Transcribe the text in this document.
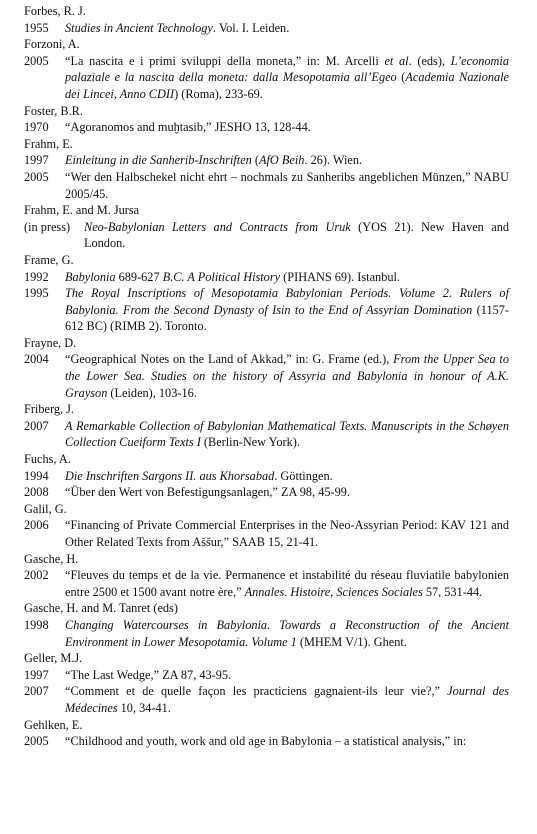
Forbes, R. J.
1955 Studies in Ancient Technology. Vol. I. Leiden.
Forzoni, A.
2005 “La nascita e i primi sviluppi della moneta,” in: M. Arcelli et al. (eds), L’economia palaziale e la nascita della moneta: dalla Mesopotamia all’Egeo (Academia Nazionale dei Lincei, Anno CDII) (Roma), 233-69.
Foster, B.R.
1970 “Agoranomos and muḫtasib,” JESHO 13, 128-44.
Frahm, E.
1997 Einleitung in die Sanherib-Inschriften (AfO Beih. 26). Wien.
2005 “Wer den Halbschekel nicht ehrt – nochmals zu Sanheribs angeblichen Münzen,” NABU 2005/45.
Frahm, E. and M. Jursa
(in press) Neo-Babylonian Letters and Contracts from Uruk (YOS 21). New Haven and London.
Frame, G.
1992 Babylonia 689-627 B.C. A Political History (PIHANS 69). Istanbul.
1995 The Royal Inscriptions of Mesopotamia Babylonian Periods. Volume 2. Rulers of Babylonia. From the Second Dynasty of Isin to the End of Assyrian Domination (1157-612 BC) (RIMB 2). Toronto.
Frayne, D.
2004 “Geographical Notes on the Land of Akkad,” in: G. Frame (ed.), From the Upper Sea to the Lower Sea. Studies on the history of Assyria and Babylonia in honour of A.K. Grayson (Leiden), 103-16.
Friberg, J.
2007 A Remarkable Collection of Babylonian Mathematical Texts. Manuscripts in the Schøyen Collection Cueiform Texts I (Berlin-New York).
Fuchs, A.
1994 Die Inschriften Sargons II. aus Khorsabad. Göttingen.
2008 “Über den Wert von Befestigungsanlagen,” ZA 98, 45-99.
Galil, G.
2006 “Financing of Private Commercial Enterprises in the Neo-Assyrian Period: KAV 121 and Other Related Texts from Aššur,” SAAB 15, 21-41.
Gasche, H.
2002 “Fleuves du temps et de la vie. Permanence et instabilité du réseau fluviatile babylonien entre 2500 et 1500 avant notre ère,” Annales. Histoire, Sciences Sociales 57, 531-44.
Gasche, H. and M. Tanret (eds)
1998 Changing Watercourses in Babylonia. Towards a Reconstruction of the Ancient Environment in Lower Mesopotamia. Volume 1 (MHEM V/1). Ghent.
Geller, M.J.
1997 “The Last Wedge,” ZA 87, 43-95.
2007 “Comment et de quelle façon les practiciens gagnaient-ils leur vie?,” Journal des Médecines 10, 34-41.
Gehlken, E.
2005 “Childhood and youth, work and old age in Babylonia – a statistical analysis,” in:
